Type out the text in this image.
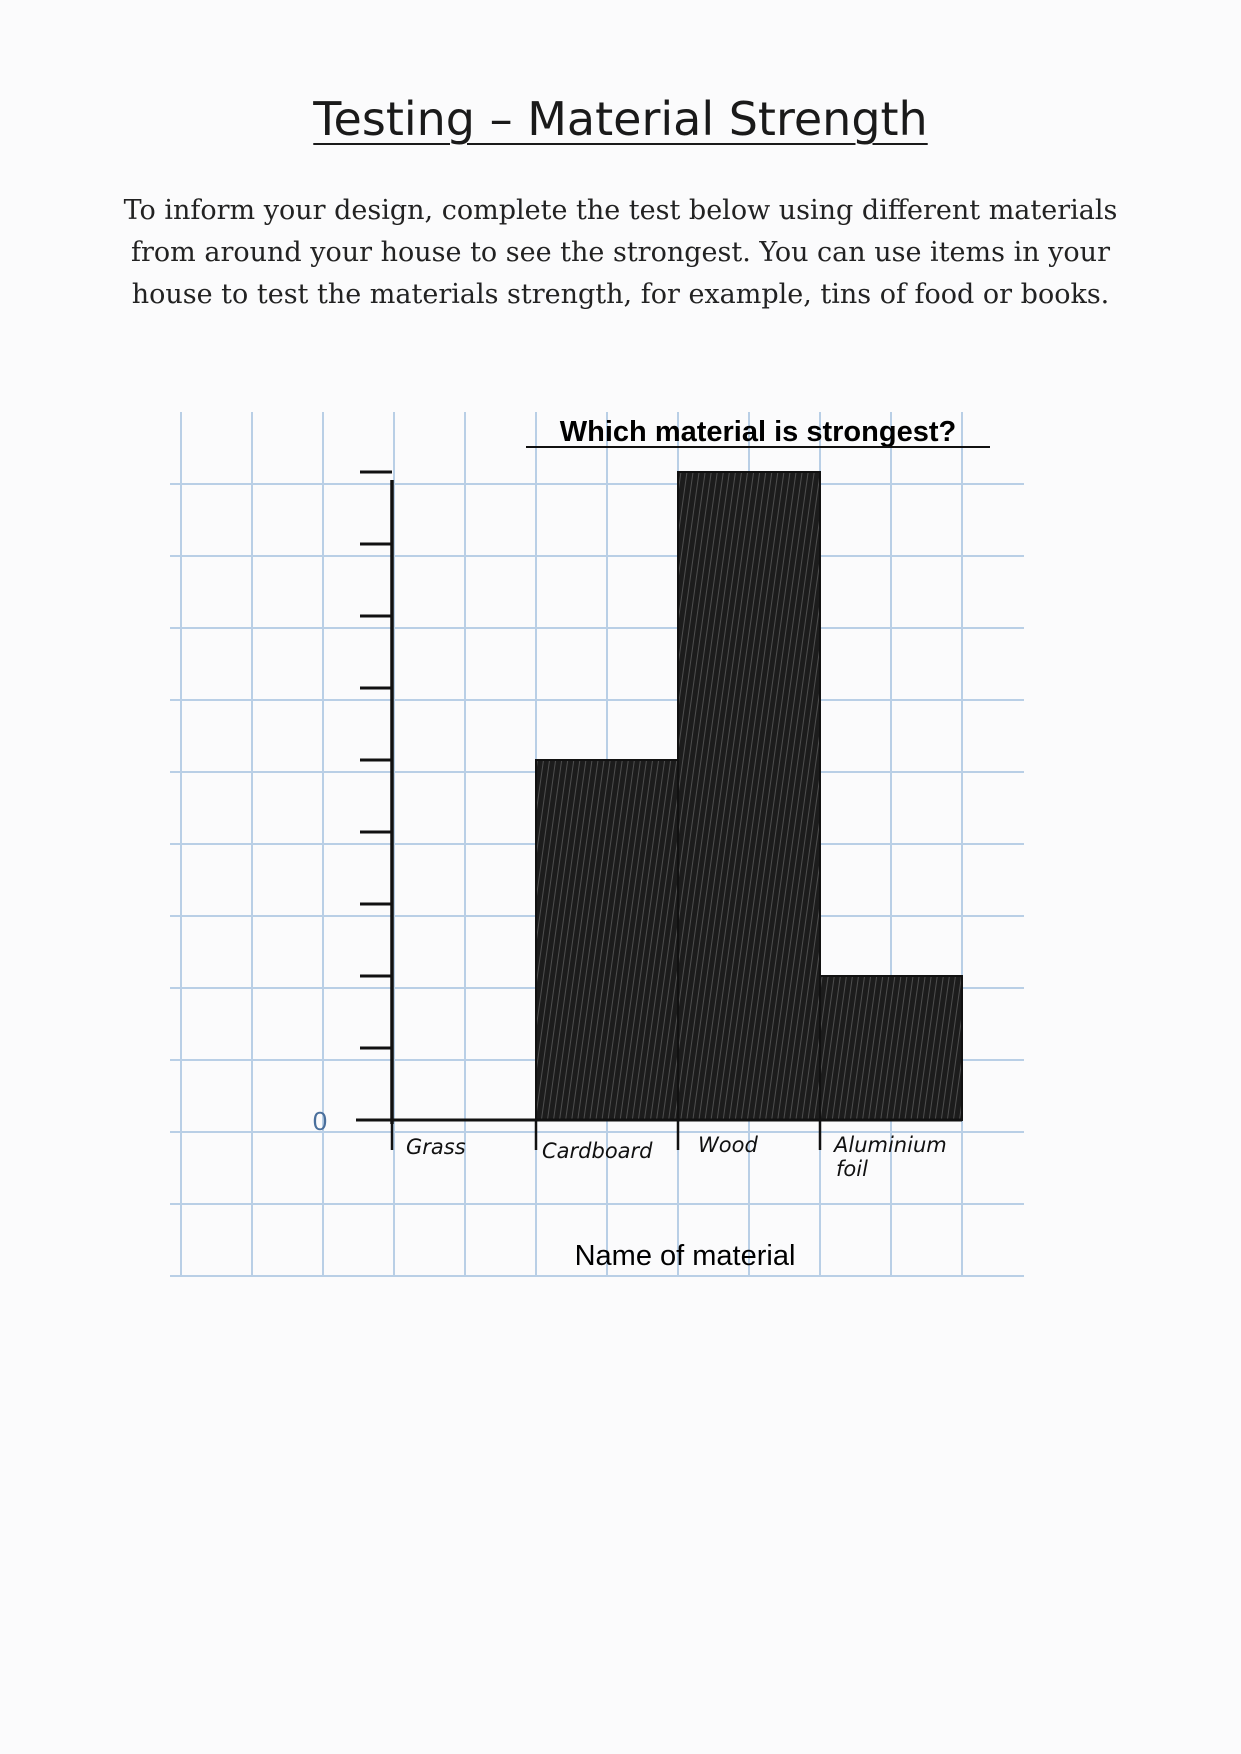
Testing – Material Strength
To inform your design, complete the test below using different materials from around your house to see the strongest. You can use items in your house to test the materials strength, for example, tins of food or books.
0
Grass	Cardboard Wood	Aluminium foil
Which material is strongest?
Name of material
